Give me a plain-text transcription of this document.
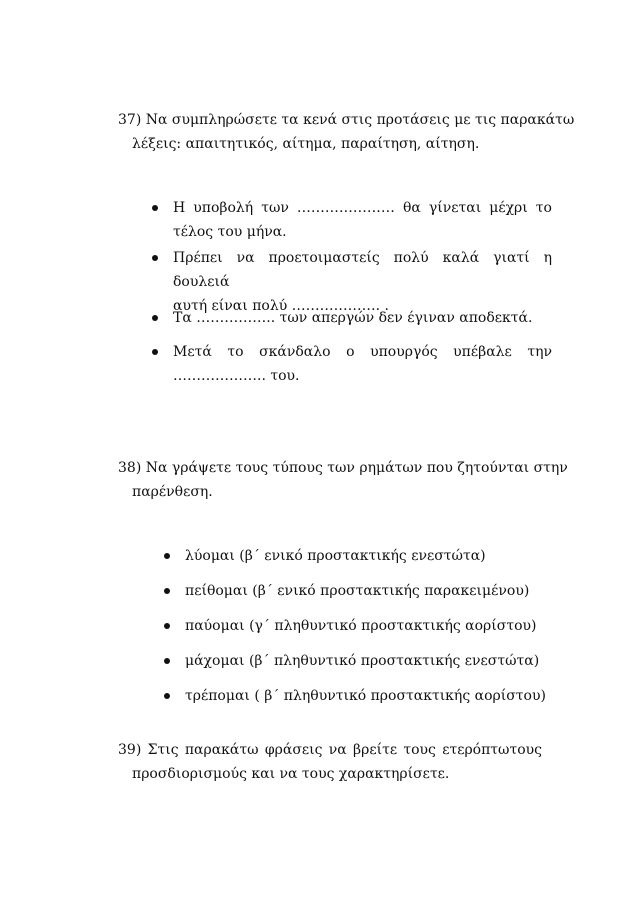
37) Να συμπληρώσετε τα κενά στις προτάσεις με τις παρακάτω
λέξεις: απαιτητικός, αίτημα, παραίτηση, αίτηση.
Η υποβολή των ………………… θα γίνεται μέχρι το
τέλος του μήνα.
Πρέπει να προετοιμαστείς πολύ καλά γιατί η δουλειά
αυτή είναι πολύ ………………. .
Τα …………….. των απεργών δεν έγιναν αποδεκτά.
Μετά το σκάνδαλο ο υπουργός υπέβαλε την
……………….. του.
38) Να γράψετε τους τύπους των ρημάτων που ζητούνται στην
παρένθεση.
λύομαι (β΄ ενικό προστακτικής ενεστώτα)
πείθομαι (β΄ ενικό προστακτικής παρακειμένου)
παύομαι (γ΄ πληθυντικό προστακτικής αορίστου)
μάχομαι (β΄ πληθυντικό προστακτικής ενεστώτα)
τρέπομαι ( β΄ πληθυντικό προστακτικής αορίστου)
39) Στις παρακάτω φράσεις να βρείτε τους ετερόπτωτους
προσδιορισμούς και να τους χαρακτηρίσετε.
